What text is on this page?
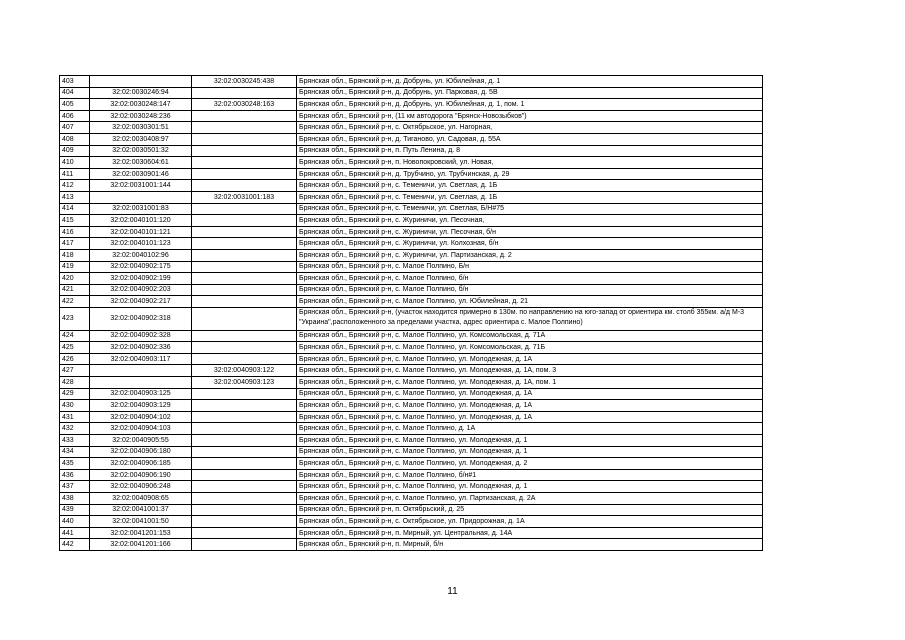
403		32:02:0030245:438	Брянская обл., Брянский р-н, д. Добрунь, ул. Юбилейная, д. 1
404	32:02:0030246:94		Брянская обл., Брянский р-н, д. Добрунь, ул. Парковая, д. 5В
405	32:02:0030248:147	32:02:0030248:163	Брянская обл., Брянский р-н, д. Добрунь, ул. Юбилейная, д. 1, пом. 1
406	32:02:0030248:236		Брянская обл., Брянский р-н, (11 км автодорога "Брянск-Новозыбков")
407	32:02:0030301:51		Брянская обл., Брянский р-н, с. Октябрьское, ул. Нагорная,
408	32:02:0030408:97		Брянская обл., Брянский р-н, д. Тиганово, ул. Садовая, д. 55А
409	32:02:0030501:32		Брянская обл., Брянский р-н, п. Путь Ленина, д. 8
410	32:02:0030604:61		Брянская обл., Брянский р-н, п. Новопокровский, ул. Новая,
411	32:02:0030901:46		Брянская обл., Брянский р-н, д. Трубчино, ул. Трубчинская, д. 29
412	32:02:0031001:144		Брянская обл., Брянский р-н, с. Теменичи, ул. Светлая, д. 1Б
413		32:02:0031001:183	Брянская обл., Брянский р-н, с. Теменичи, ул. Светлая, д. 1Б
414	32:02:0031001:83		Брянская обл., Брянский р-н, с. Теменичи, ул. Светлая, Б/Н#75
415	32:02:0040101:120		Брянская обл., Брянский р-н, с. Журиничи, ул. Песочная,
416	32:02:0040101:121		Брянская обл., Брянский р-н, с. Журиничи, ул. Песочная, б/н
417	32:02:0040101:123		Брянская обл., Брянский р-н, с. Журиничи, ул. Колхозная, б/н
418	32:02:0040102:96		Брянская обл., Брянский р-н, с. Журиничи, ул. Партизанская, д. 2
419	32:02:0040902:175		Брянская обл., Брянский р-н, с. Малое Полпино, Б/н
420	32:02:0040902:199		Брянская обл., Брянский р-н, с. Малое Полпино, б/н
421	32:02:0040902:203		Брянская обл., Брянский р-н, с. Малое Полпино, б/н
422	32:02:0040902:217		Брянская обл., Брянский р-н, с. Малое Полпино, ул. Юбилейная, д. 21
423	32:02:0040902:318		Брянская обл., Брянский р-н, (участок находится примерно в 130м. по направлению на юго-запад от ориентира км. столб 355км. а/д М-3 "Украина",расположенного за пределами участка, адрес ориентира с. Малое Полпино)
424	32:02:0040902:328		Брянская обл., Брянский р-н, с. Малое Полпино, ул. Комсомольская, д. 71А
425	32:02:0040902:336		Брянская обл., Брянский р-н, с. Малое Полпино, ул. Комсомольская, д. 71Б
426	32:02:0040903:117		Брянская обл., Брянский р-н, с. Малое Полпино, ул. Молодежная, д. 1А
427		32:02:0040903:122	Брянская обл., Брянский р-н, с. Малое Полпино, ул. Молодежная, д. 1А, пом. 3
428		32:02:0040903:123	Брянская обл., Брянский р-н, с. Малое Полпино, ул. Молодежная, д. 1А, пом. 1
429	32:02:0040903:125		Брянская обл., Брянский р-н, с. Малое Полпино, ул. Молодежная, д. 1А
430	32:02:0040903:129		Брянская обл., Брянский р-н, с. Малое Полпино, ул. Молодежная, д. 1А
431	32:02:0040904:102		Брянская обл., Брянский р-н, с. Малое Полпино, ул. Молодежная, д. 1А
432	32:02:0040904:103		Брянская обл., Брянский р-н, с. Малое Полпино, д. 1А
433	32:02:0040905:55		Брянская обл., Брянский р-н, с. Малое Полпино, ул. Молодежная, д. 1
434	32:02:0040906:180		Брянская обл., Брянский р-н, с. Малое Полпино, ул. Молодежная, д. 1
435	32:02:0040906:185		Брянская обл., Брянский р-н, с. Малое Полпино, ул. Молодежная, д. 2
436	32:02:0040906:190		Брянская обл., Брянский р-н, с. Малое Полпино, б/н#1
437	32:02:0040906:248		Брянская обл., Брянский р-н, с. Малое Полпино, ул. Молодежная, д. 1
438	32:02:0040908:65		Брянская обл., Брянский р-н, с. Малое Полпино, ул. Партизанская, д. 2А
439	32:02:0041001:37		Брянская обл., Брянский р-н, п. Октябрьский, д. 25
440	32:02:0041001:50		Брянская обл., Брянский р-н, с. Октябрьское, ул. Придорожная, д. 1А
441	32:02:0041201:153		Брянская обл., Брянский р-н, п. Мирный, ул. Центральная, д. 14А
442	32:02:0041201:166		Брянская обл., Брянский р-н, п. Мирный, б/н
11
